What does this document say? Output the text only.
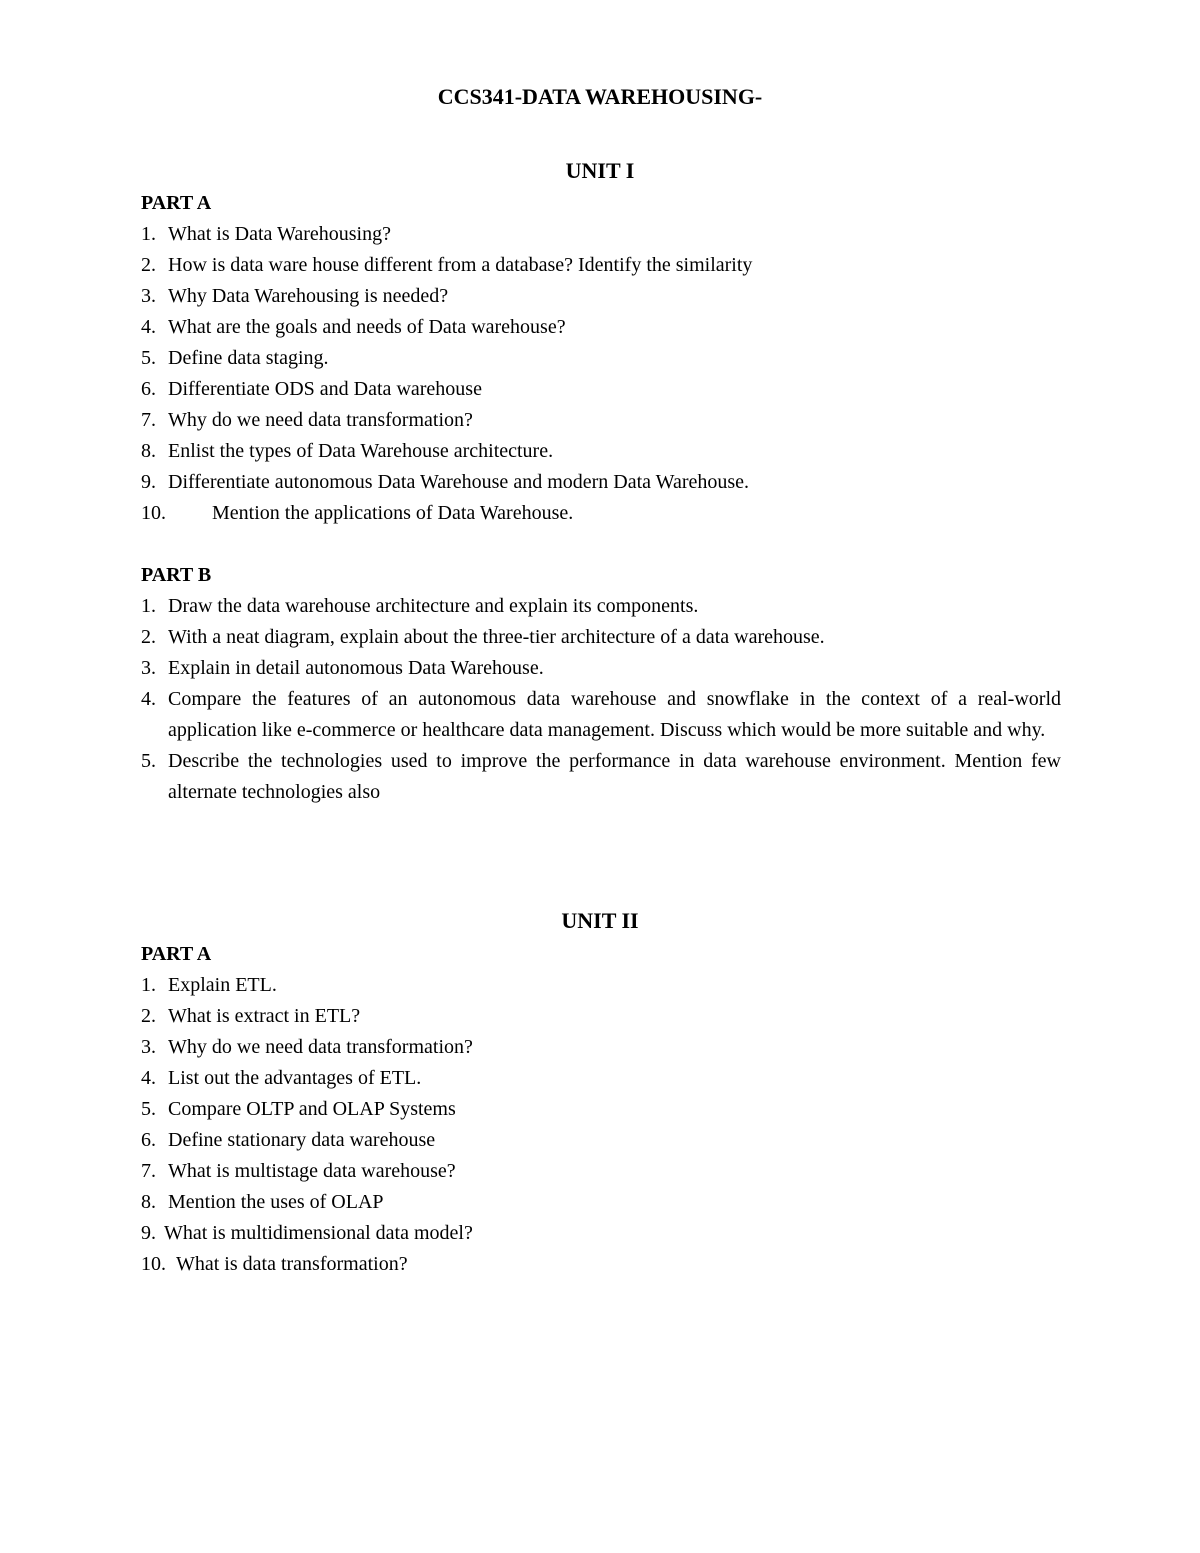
CCS341-DATA WAREHOUSING-
UNIT I
PART A
1. What is Data Warehousing?
2. How is data ware house different from a database? Identify the similarity
3. Why Data Warehousing is needed?
4. What are the goals and needs of Data warehouse?
5. Define data staging.
6. Differentiate ODS and Data warehouse
7. Why do we need data transformation?
8. Enlist the types of Data Warehouse architecture.
9. Differentiate autonomous Data Warehouse and modern Data Warehouse.
10. Mention the applications of Data Warehouse.
PART B
1. Draw the data warehouse architecture and explain its components.
2. With a neat diagram, explain about the three-tier architecture of a data warehouse.
3. Explain in detail autonomous Data Warehouse.
4. Compare the features of an autonomous data warehouse and snowflake in the context of a real-world application like e-commerce or healthcare data management. Discuss which would be more suitable and why.
5. Describe the technologies used to improve the performance in data warehouse environment. Mention few alternate technologies also
UNIT II
PART A
1. Explain ETL.
2. What is extract in ETL?
3. Why do we need data transformation?
4. List out the advantages of ETL.
5. Compare OLTP and OLAP Systems
6. Define stationary data warehouse
7. What is multistage data warehouse?
8. Mention the uses of OLAP
9. What is multidimensional data model?
10. What is data transformation?
